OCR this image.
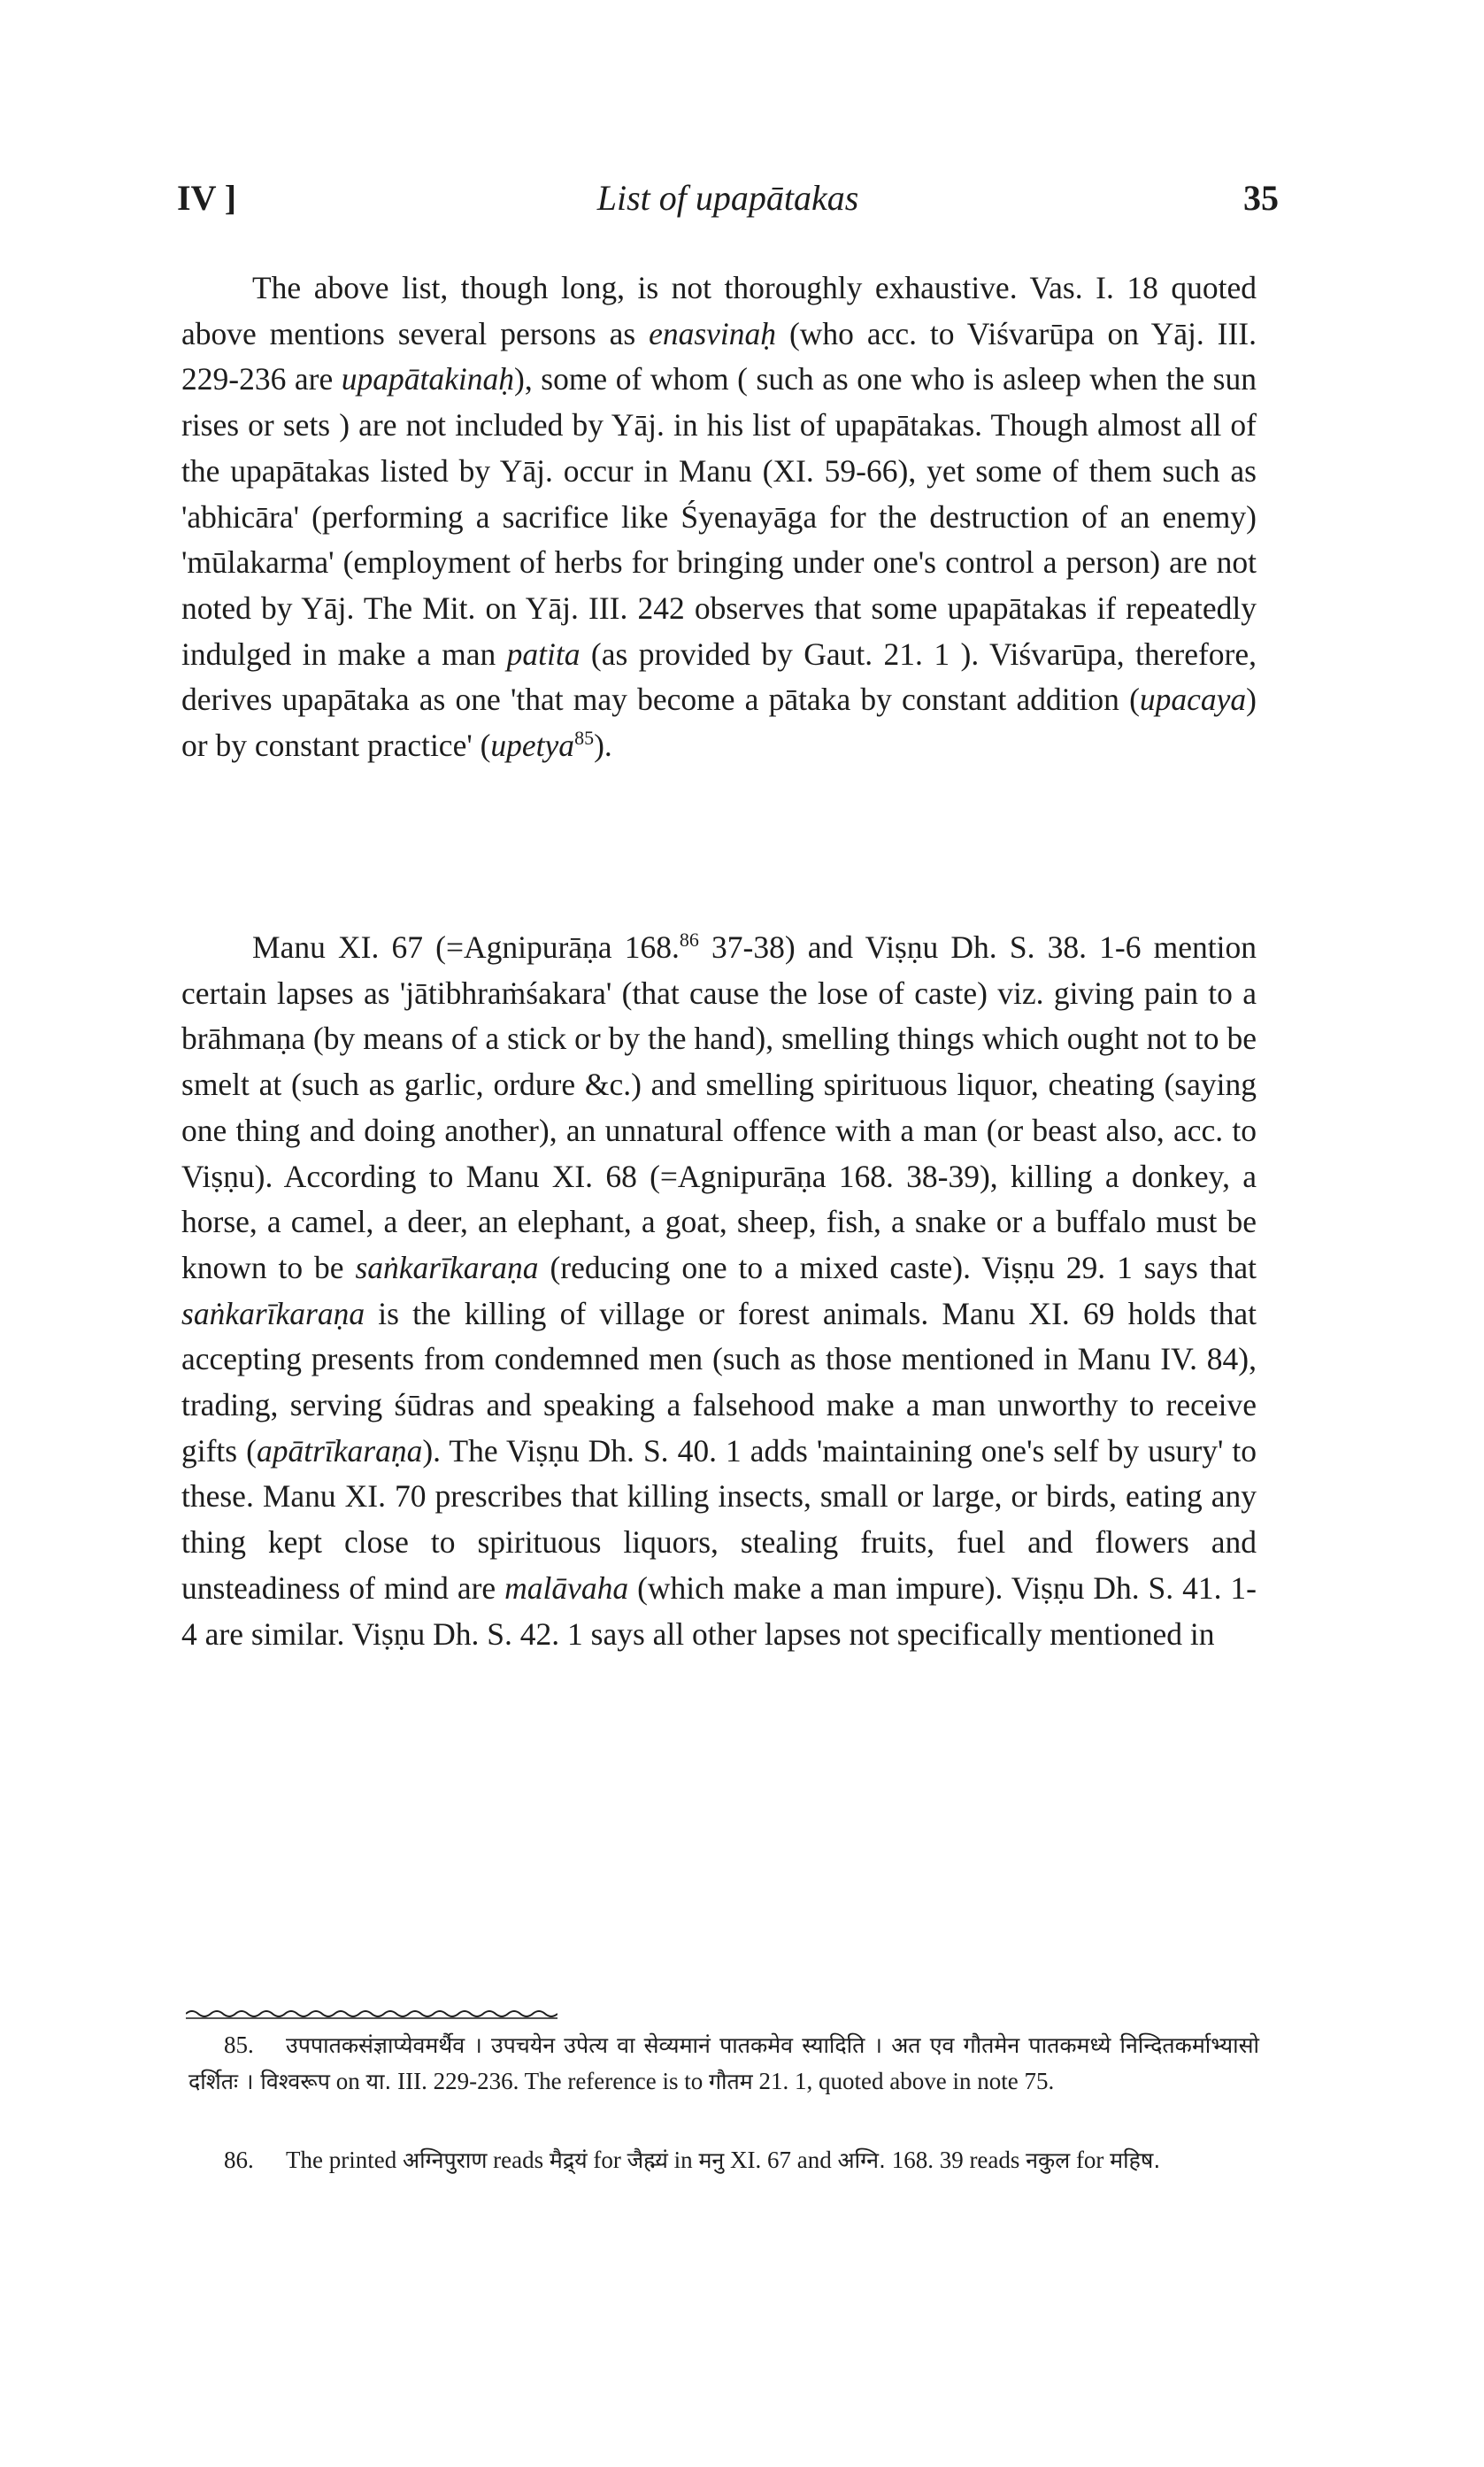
IV ]	List of upapātakas	35

The above list, though long, is not thoroughly exhaustive. Vas. I. 18 quoted above mentions several persons as enasvinaḥ (who acc. to Viśvarūpa on Yāj. III. 229-236 are upapātakinaḥ), some of whom ( such as one who is asleep when the sun rises or sets ) are not included by Yāj. in his list of upapātakas. Though almost all of the upapātakas listed by Yāj. occur in Manu (XI. 59-66), yet some of them such as 'abhicāra' (performing a sacrifice like Śyenayāga for the destruction of an enemy) 'mūlakarma' (employment of herbs for bringing under one's control a person) are not noted by Yāj. The Mit. on Yāj. III. 242 observes that some upapātakas if repeatedly indulged in make a man patita (as provided by Gaut. 21. 1 ). Viśvarūpa, therefore, derives upapātaka as one 'that may become a pātaka by constant addition (upacaya) or by constant practice' (upetya$^{85}$).

Manu XI. 67 (=Agnipurāṇa 168.86 37-38) and Viṣṇu Dh. S. 38. 1-6 mention certain lapses as 'jātibhraṁśakara' (that cause the lose of caste) viz. giving pain to a brāhmaṇa (by means of a stick or by the hand), smelling things which ought not to be smelt at (such as garlic, ordure &c.) and smelling spirituous liquor, cheating (saying one thing and doing another), an unnatural offence with a man (or beast also, acc. to Viṣṇu). According to Manu XI. 68 (=Agnipurāṇa 168. 38-39), killing a donkey, a horse, a camel, a deer, an elephant, a goat, sheep, fish, a snake or a buffalo must be known to be saṅkarīkaraṇa (reducing one to a mixed caste). Viṣṇu 29. 1 says that saṅkarīkaraṇa is the killing of village or forest animals. Manu XI. 69 holds that accepting presents from condemned men (such as those mentioned in Manu IV. 84), trading, serving śūdras and speaking a falsehood make a man unworthy to receive gifts (apātrīkaraṇa). The Viṣṇu Dh. S. 40. 1 adds 'maintaining one's self by usury' to these. Manu XI. 70 prescribes that killing insects, small or large, or birds, eating any thing kept close to spirituous liquors, stealing fruits, fuel and flowers and unsteadiness of mind are malāvaha (which make a man impure). Viṣṇu Dh. S. 41. 1-4 are similar. Viṣṇu Dh. S. 42. 1 says all other lapses not specifically mentioned in

85. उपपातकसंज्ञाप्येवमर्थैव । उपचयेन उपेत्य वा सेव्यमानं पातकमेव स्यादिति । अत एव गौतमेन पातकमध्ये निन्दितकर्माभ्यासो दर्शितः । विश्वरूप on या. III. 229-236. The reference is to गौतम 21. 1, quoted above in note 75.

86. The printed अग्निपुराण reads मैद्र्यं for जैह्म्यं in मनु XI. 67 and अग्नि. 168. 39 reads नकुल for महिष.
